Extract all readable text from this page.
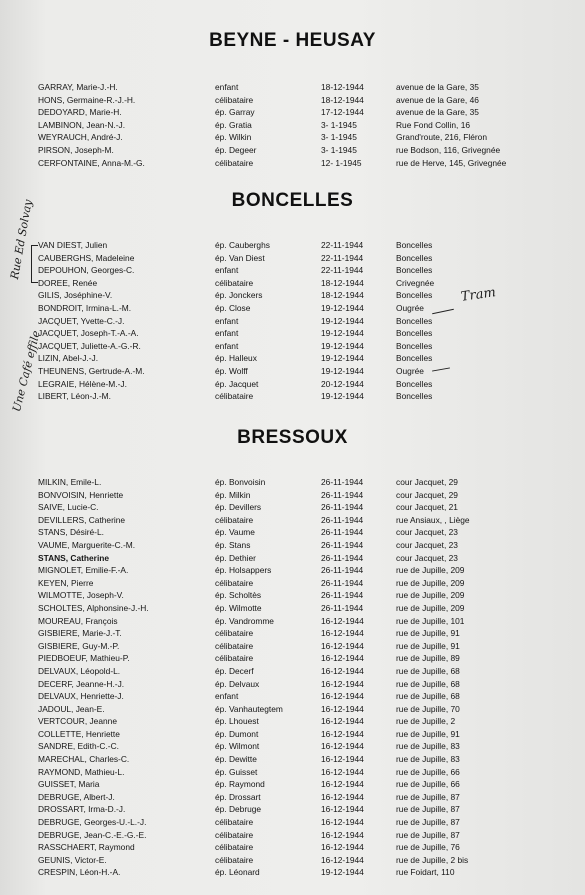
BEYNE - HEUSAY
GARRAY, Marie-J.-H.	enfant	18-12-1944	avenue de la Gare, 35
HONS, Germaine-R.-J.-H.	célibataire	18-12-1944	avenue de la Gare, 46
DEDOYARD, Marie-H.	ép. Garray	17-12-1944	avenue de la Gare, 35
LAMBINON, Jean-N.-J.	ép. Gratia	3- 1-1945	Rue Fond Collin, 16
WEYRAUCH, André-J.	ép. Wilkin	3- 1-1945	Grand'route, 216, Fléron
PIRSON, Joseph-M.	ép. Degeer	3- 1-1945	rue Bodson, 116, Grivegnée
CERFONTAINE, Anna-M.-G.	célibataire	12- 1-1945	rue de Herve, 145, Grivegnée
BONCELLES
VAN DIEST, Julien	ép. Cauberghs	22-11-1944	Boncelles
CAUBERGHS, Madeleine	ép. Van Diest	22-11-1944	Boncelles
DEPOUHON, Georges-C.	enfant	22-11-1944	Boncelles
DOREE, Renée	célibataire	18-12-1944	Crivegnée
GILIS, Joséphine-V.	ép. Jonckers	18-12-1944	Boncelles
BONDROIT, Irmina-L.-M.	ép. Close	19-12-1944	Ougrée
JACQUET, Yvette-C.-J.	enfant	19-12-1944	Boncelles
JACQUET, Joseph-T.-A.-A.	enfant	19-12-1944	Boncelles
JACQUET, Juliette-A.-G.-R.	enfant	19-12-1944	Boncelles
LIZIN, Abel-J.-J.	ép. Halleux	19-12-1944	Boncelles
THEUNENS, Gertrude-A.-M.	ép. Wolff	19-12-1944	Ougrée
LEGRAIE, Hélène-M.-J.	ép. Jacquet	20-12-1944	Boncelles
LIBERT, Léon-J.-M.	célibataire	19-12-1944	Boncelles
BRESSOUX
MILKIN, Emile-L.	ép. Bonvoisin	26-11-1944	cour Jacquet, 29
BONVOISIN, Henriette	ép. Milkin	26-11-1944	cour Jacquet, 29
SAIVE, Lucie-C.	ép. Devillers	26-11-1944	cour Jacquet, 21
DEVILLERS, Catherine	célibataire	26-11-1944	rue Ansiaux, , Liège
STANS, Désiré-L.	ép. Vaume	26-11-1944	cour Jacquet, 23
VAUME, Marguerite-C.-M.	ép. Stans	26-11-1944	cour Jacquet, 23
STANS, Catherine	ép. Dethier	26-11-1944	cour Jacquet, 23
MIGNOLET, Emilie-F.-A.	ép. Holsappers	26-11-1944	rue de Jupille, 209
KEYEN, Pierre	célibataire	26-11-1944	rue de Jupille, 209
WILMOTTE, Joseph-V.	ép. Scholtès	26-11-1944	rue de Jupille, 209
SCHOLTES, Alphonsine-J.-H.	ép. Wilmotte	26-11-1944	rue de Jupille, 209
MOUREAU, François	ép. Vandromme	16-12-1944	rue de Jupille, 101
GISBIERE, Marie-J.-T.	célibataire	16-12-1944	rue de Jupille, 91
GISBIERE, Guy-M.-P.	célibataire	16-12-1944	rue de Jupille, 91
PIEDBOEUF, Mathieu-P.	célibataire	16-12-1944	rue de Jupille, 89
DELVAUX, Léopold-L.	ép. Decerf	16-12-1944	rue de Jupille, 68
DECERF, Jeanne-H.-J.	ép. Delvaux	16-12-1944	rue de Jupille, 68
DELVAUX, Henriette-J.	enfant	16-12-1944	rue de Jupille, 68
JADOUL, Jean-E.	ép. Vanhautegtem	16-12-1944	rue de Jupille, 70
VERTCOUR, Jeanne	ép. Lhouest	16-12-1944	rue de Jupille, 2
COLLETTE, Henriette	ép. Dumont	16-12-1944	rue de Jupille, 91
SANDRE, Edith-C.-C.	ép. Wilmont	16-12-1944	rue de Jupille, 83
MARECHAL, Charles-C.	ép. Dewitte	16-12-1944	rue de Jupille, 83
RAYMOND, Mathieu-L.	ép. Guisset	16-12-1944	rue de Jupille, 66
GUISSET, Maria	ép. Raymond	16-12-1944	rue de Jupille, 66
DEBRUGE, Albert-J.	ép. Drossart	16-12-1944	rue de Jupille, 87
DROSSART, Irma-D.-J.	ép. Debruge	16-12-1944	rue de Jupille, 87
DEBRUGE, Georges-U.-L.-J.	célibataire	16-12-1944	rue de Jupille, 87
DEBRUGE, Jean-C.-E.-G.-E.	célibataire	16-12-1944	rue de Jupille, 87
RASSCHAERT, Raymond	célibataire	16-12-1944	rue de Jupille, 76
GEUNIS, Victor-E.	célibataire	16-12-1944	rue de Jupille, 2 bis
CRESPIN, Léon-H.-A.	ép. Léonard	19-12-1944	rue Foidart, 110
Rue Ed Solvay
Une Café effile
Tram
